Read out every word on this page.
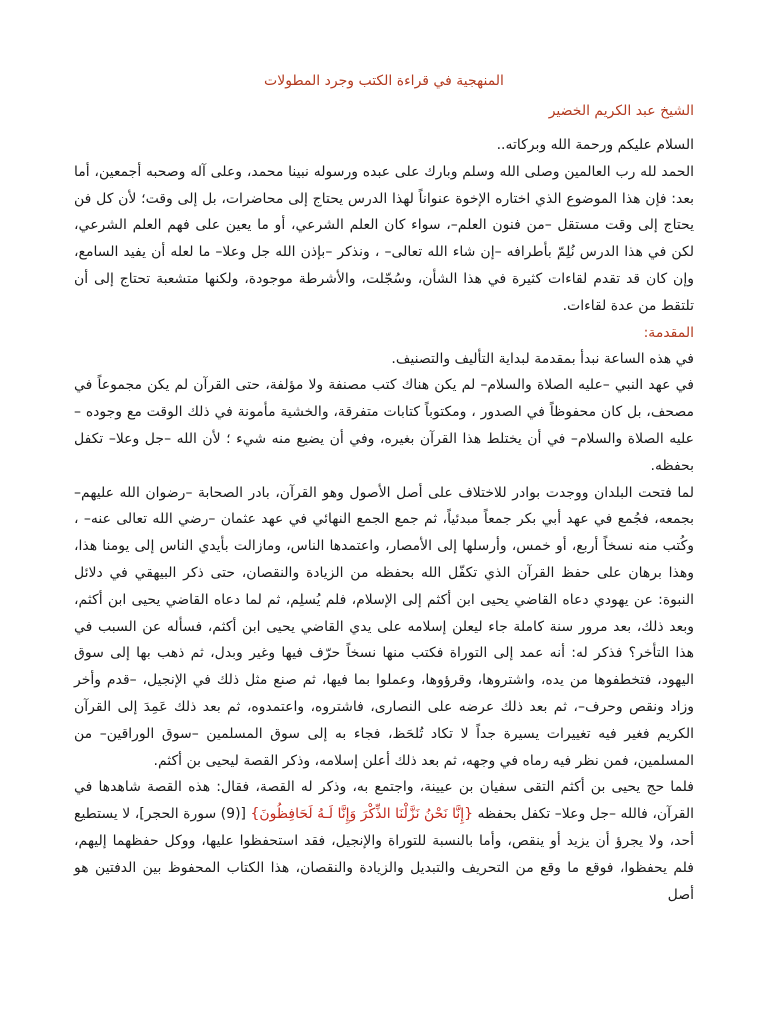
المنهجية في قراءة الكتب وجرد المطولات
الشيخ عبد الكريم الخضير

السلام عليكم ورحمة الله وبركاته..

الحمد لله رب العالمين وصلى الله وسلم وبارك على عبده ورسوله نبينا محمد، وعلى آله وصحبه أجمعين، أما بعد: فإن هذا الموضوع الذي اختاره الإخوة عنواناً لهذا الدرس يحتاج إلى محاضرات، بل إلى وقت؛ لأن كل فن يحتاج إلى وقت مستقل –من فنون العلم–، سواء كان العلم الشرعي، أو ما يعين على فهم العلم الشرعي، لكن في هذا الدرس نُلِمّ بأطرافه –إن شاء الله تعالى– ، ونذكر –بإذن الله جل وعلا– ما لعله أن يفيد السامع، وإن كان قد تقدم لقاءات كثيرة في هذا الشأن، وسُجّلت، والأشرطة موجودة، ولكنها متشعبة تحتاج إلى أن تلتقط من عدة لقاءات.

المقدمة:

في هذه الساعة نبدأ بمقدمة لبداية التأليف والتصنيف.

في عهد النبي –عليه الصلاة والسلام– لم يكن هناك كتب مصنفة ولا مؤلفة، حتى القرآن لم يكن مجموعاً في مصحف، بل كان محفوظاً في الصدور ، ومكتوباً كتابات متفرقة، والخشية مأمونة في ذلك الوقت مع وجوده – عليه الصلاة والسلام– في أن يختلط هذا القرآن بغيره، وفي أن يضيع منه شيء ؛ لأن الله –جل وعلا– تكفل بحفظه.

لما فتحت البلدان ووجدت بوادر للاختلاف على أصل الأصول وهو القرآن، بادر الصحابة –رضوان الله عليهم– بجمعه، فجُمع في عهد أبي بكر جمعاً مبدئياً، ثم جمع الجمع النهائي في عهد عثمان –رضي الله تعالى عنه– ، وكُتب منه نسخاً أربع، أو خمس، وأرسلها إلى الأمصار، واعتمدها الناس، ومازالت بأيدي الناس إلى يومنا هذا، وهذا برهان على حفظ القرآن الذي تكفّل الله بحفظه من الزيادة والنقصان، حتى ذكر البيهقي في دلائل النبوة: عن يهودي دعاه القاضي يحيى ابن أكثم إلى الإسلام، فلم يُسلِم، ثم لما دعاه القاضي يحيى ابن أكثم، وبعد ذلك، بعد مرور سنة كاملة جاء ليعلن إسلامه على يدي القاضي يحيى ابن أكثم، فسأله عن السبب في هذا التأخر؟ فذكر له: أنه عمد إلى التوراة فكتب منها نسخاً حرّف فيها وغير وبدل، ثم ذهب بها إلى سوق اليهود، فتخطفوها من يده، واشتروها، وقرؤوها، وعملوا بما فيها، ثم صنع مثل ذلك في الإنجيل، –قدم وأخر وزاد ونقص وحرف–، ثم بعد ذلك عرضه على النصارى، فاشتروه، واعتمدوه، ثم بعد ذلك عَمِدَ إلى القرآن الكريم فغير فيه تغييرات يسيرة جداً لا تكاد تُلحَظ، فجاء به إلى سوق المسلمين –سوق الوراقين– من المسلمين، فمن نظر فيه رماه في وجهه، ثم بعد ذلك أعلن إسلامه، وذكر القصة ليحيى بن أكثم.

فلما حج يحيى بن أكثم التقى سفيان بن عيينة، واجتمع به، وذكر له القصة، فقال: هذه القصة شاهدها في القرآن، فالله –جل وعلا– تكفل بحفظه {إِنَّا نَحْنُ نَزَّلْنَا الذِّكْرَ وَإِنَّا لَـهُ لَحَافِظُونَ} [(9) سورة الحجر]، لا يستطيع أحد، ولا يجرؤ أن يزيد أو ينقص، وأما بالنسبة للتوراة والإنجيل، فقد استحفظوا عليها، ووكل حفظهما إليهم، فلم يحفظوا، فوقع ما وقع من التحريف والتبديل والزيادة والنقصان، هذا الكتاب المحفوظ بين الدفتين هو أصل
